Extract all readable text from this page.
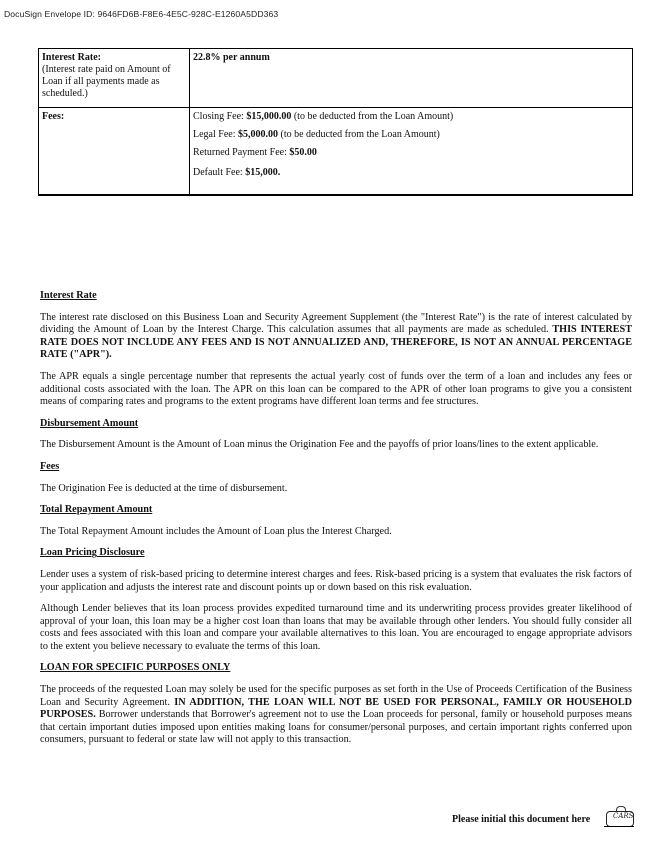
DocuSign Envelope ID: 9646FD6B-F8E6-4E5C-928C-E1260A5DD363
Interest Rate:
(Interest rate paid on Amount of Loan if all payments made as scheduled.)	22.8% per annum
Fees:	Closing Fee: $15,000.00 (to be deducted from the Loan Amount)
Legal Fee: $5,000.00 (to be deducted from the Loan Amount)
Returned Payment Fee: $50.00
Default Fee: $15,000.
Interest Rate
The interest rate disclosed on this Business Loan and Security Agreement Supplement (the "Interest Rate") is the rate of interest calculated by dividing the Amount of Loan by the Interest Charge. This calculation assumes that all payments are made as scheduled. THIS INTEREST RATE DOES NOT INCLUDE ANY FEES AND IS NOT ANNUALIZED AND, THEREFORE, IS NOT AN ANNUAL PERCENTAGE RATE ("APR").
The APR equals a single percentage number that represents the actual yearly cost of funds over the term of a loan and includes any fees or additional costs associated with the loan. The APR on this loan can be compared to the APR of other loan programs to give you a consistent means of comparing rates and programs to the extent programs have different loan terms and fee structures.
Disbursement Amount
The Disbursement Amount is the Amount of Loan minus the Origination Fee and the payoffs of prior loans/lines to the extent applicable.
Fees
The Origination Fee is deducted at the time of disbursement.
Total Repayment Amount
The Total Repayment Amount includes the Amount of Loan plus the Interest Charged.
Loan Pricing Disclosure
Lender uses a system of risk-based pricing to determine interest charges and fees. Risk-based pricing is a system that evaluates the risk factors of your application and adjusts the interest rate and discount points up or down based on this risk evaluation.
Although Lender believes that its loan process provides expedited turnaround time and its underwriting process provides greater likelihood of approval of your loan, this loan may be a higher cost loan than loans that may be available through other lenders. You should fully consider all costs and fees associated with this loan and compare your available alternatives to this loan. You are encouraged to engage appropriate advisors to the extent you believe necessary to evaluate the terms of this loan.
LOAN FOR SPECIFIC PURPOSES ONLY
The proceeds of the requested Loan may solely be used for the specific purposes as set forth in the Use of Proceeds Certification of the Business Loan and Security Agreement. IN ADDITION, THE LOAN WILL NOT BE USED FOR PERSONAL, FAMILY OR HOUSEHOLD PURPOSES. Borrower understands that Borrower's agreement not to use the Loan proceeds for personal, family or household purposes means that certain important duties imposed upon entities making loans for consumer/personal purposes, and certain important rights conferred upon consumers, pursuant to federal or state law will not apply to this transaction.
Please initial this document here	CARS
